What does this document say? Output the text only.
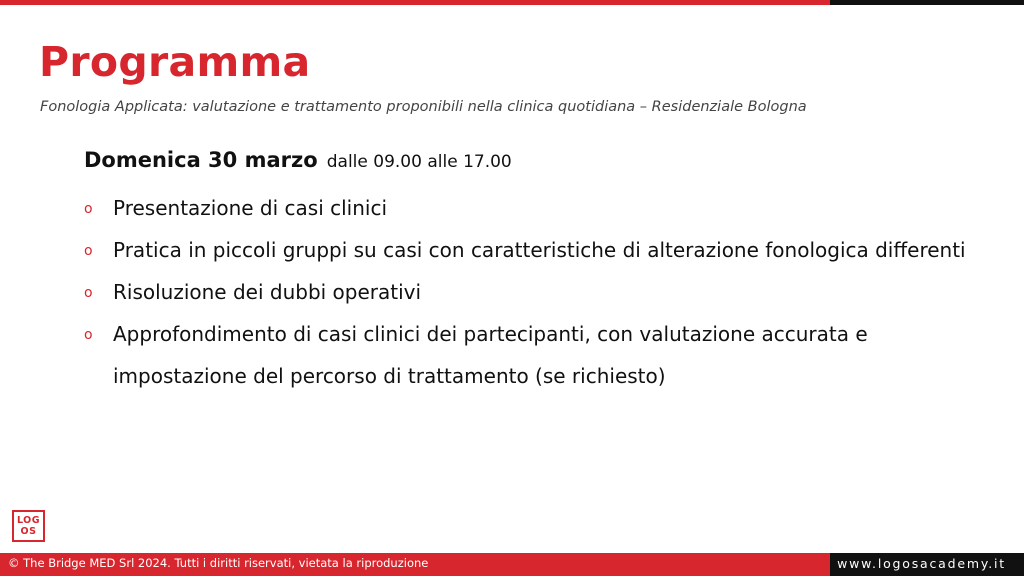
Programma
Fonologia Applicata: valutazione e trattamento proponibili nella clinica quotidiana – Residenziale Bologna
Domenica 30 marzo dalle 09.00 alle 17.00
o Presentazione di casi clinici
o Pratica in piccoli gruppi su casi con caratteristiche di alterazione fonologica differenti
o Risoluzione dei dubbi operativi
o Approfondimento di casi clinici dei partecipanti, con valutazione accurata e impostazione del percorso di trattamento (se richiesto)
LOG
OS
© The Bridge MED Srl 2024. Tutti i diritti riservati, vietata la riproduzione	www.logosacademy.it
